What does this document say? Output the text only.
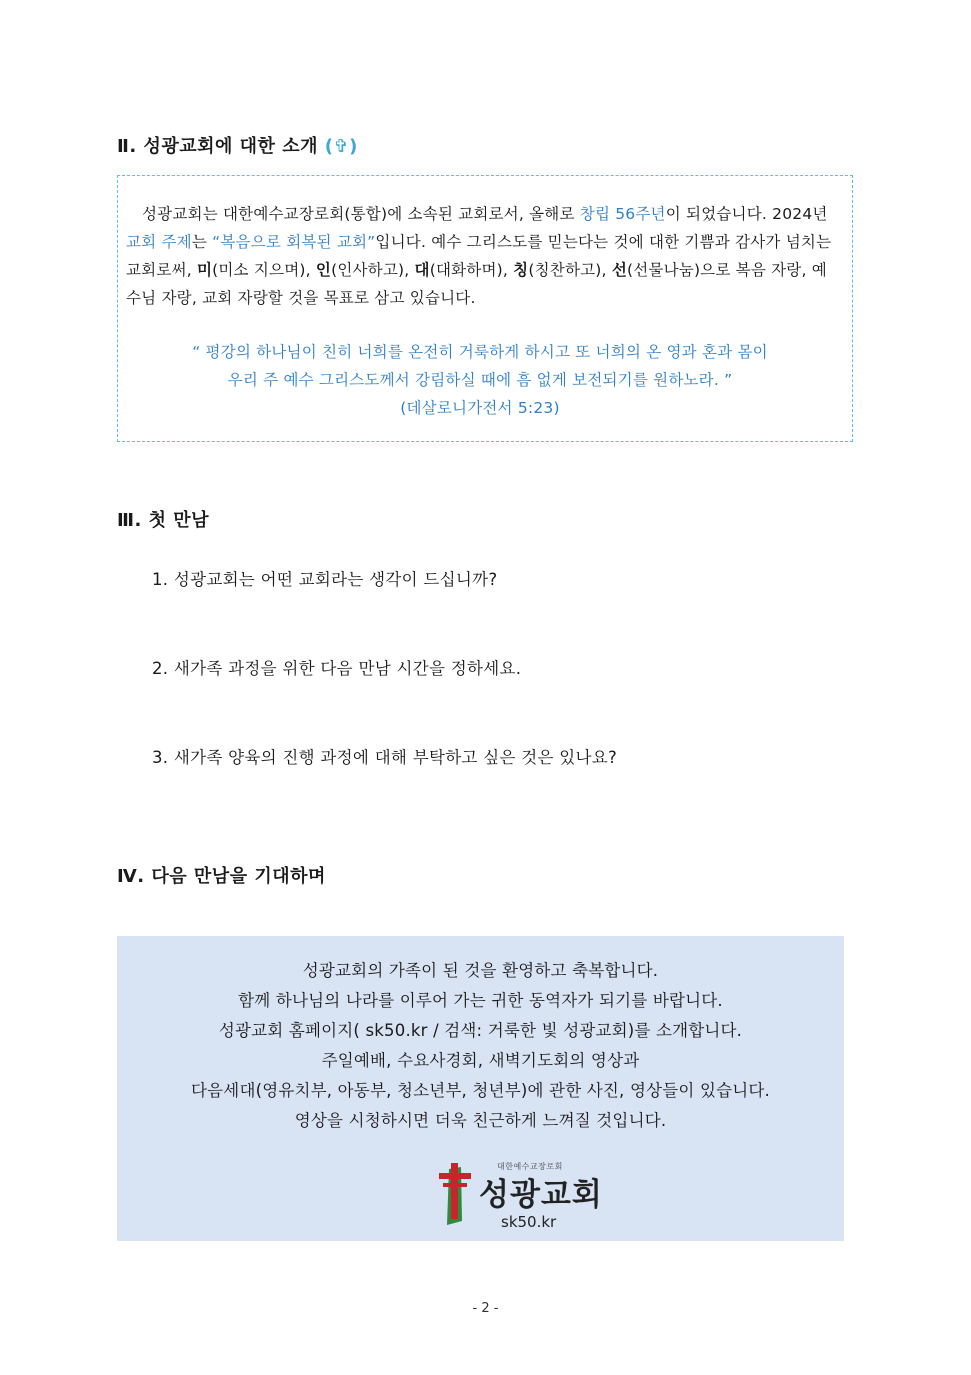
Ⅱ. 성광교회에 대한 소개 (✞)

성광교회는 대한예수교장로회(통합)에 소속된 교회로서, 올해로 창립 56주년이 되었습니다. 2024년 교회 주제는 “복음으로 회복된 교회”입니다. 예수 그리스도를 믿는다는 것에 대한 기쁨과 감사가 넘치는 교회로써, 미(미소 지으며), 인(인사하고), 대(대화하며), 칭(칭찬하고), 선(선물나눔)으로 복음 자랑, 예수님 자랑, 교회 자랑할 것을 목표로 삼고 있습니다.

“ 평강의 하나님이 친히 너희를 온전히 거룩하게 하시고 또 너희의 온 영과 혼과 몸이
우리 주 예수 그리스도께서 강림하실 때에 흠 없게 보전되기를 원하노라. ”
(데살로니가전서 5:23)
Ⅲ. 첫 만남
1. 성광교회는 어떤 교회라는 생각이 드십니까?
2. 새가족 과정을 위한 다음 만남 시간을 정하세요.
3. 새가족 양육의 진행 과정에 대해 부탁하고 싶은 것은 있나요?
Ⅳ. 다음 만남을 기대하며
성광교회의 가족이 된 것을 환영하고 축복합니다.
함께 하나님의 나라를 이루어 가는 귀한 동역자가 되기를 바랍니다.
성광교회 홈페이지( sk50.kr / 검색: 거룩한 빛 성광교회)를 소개합니다.
주일예배, 수요사경회, 새벽기도회의 영상과
다음세대(영유치부, 아동부, 청소년부, 청년부)에 관한 사진, 영상들이 있습니다.
영상을 시청하시면 더욱 친근하게 느껴질 것입니다.
대한예수교장로회
성광교회
sk50.kr
- 2 -
